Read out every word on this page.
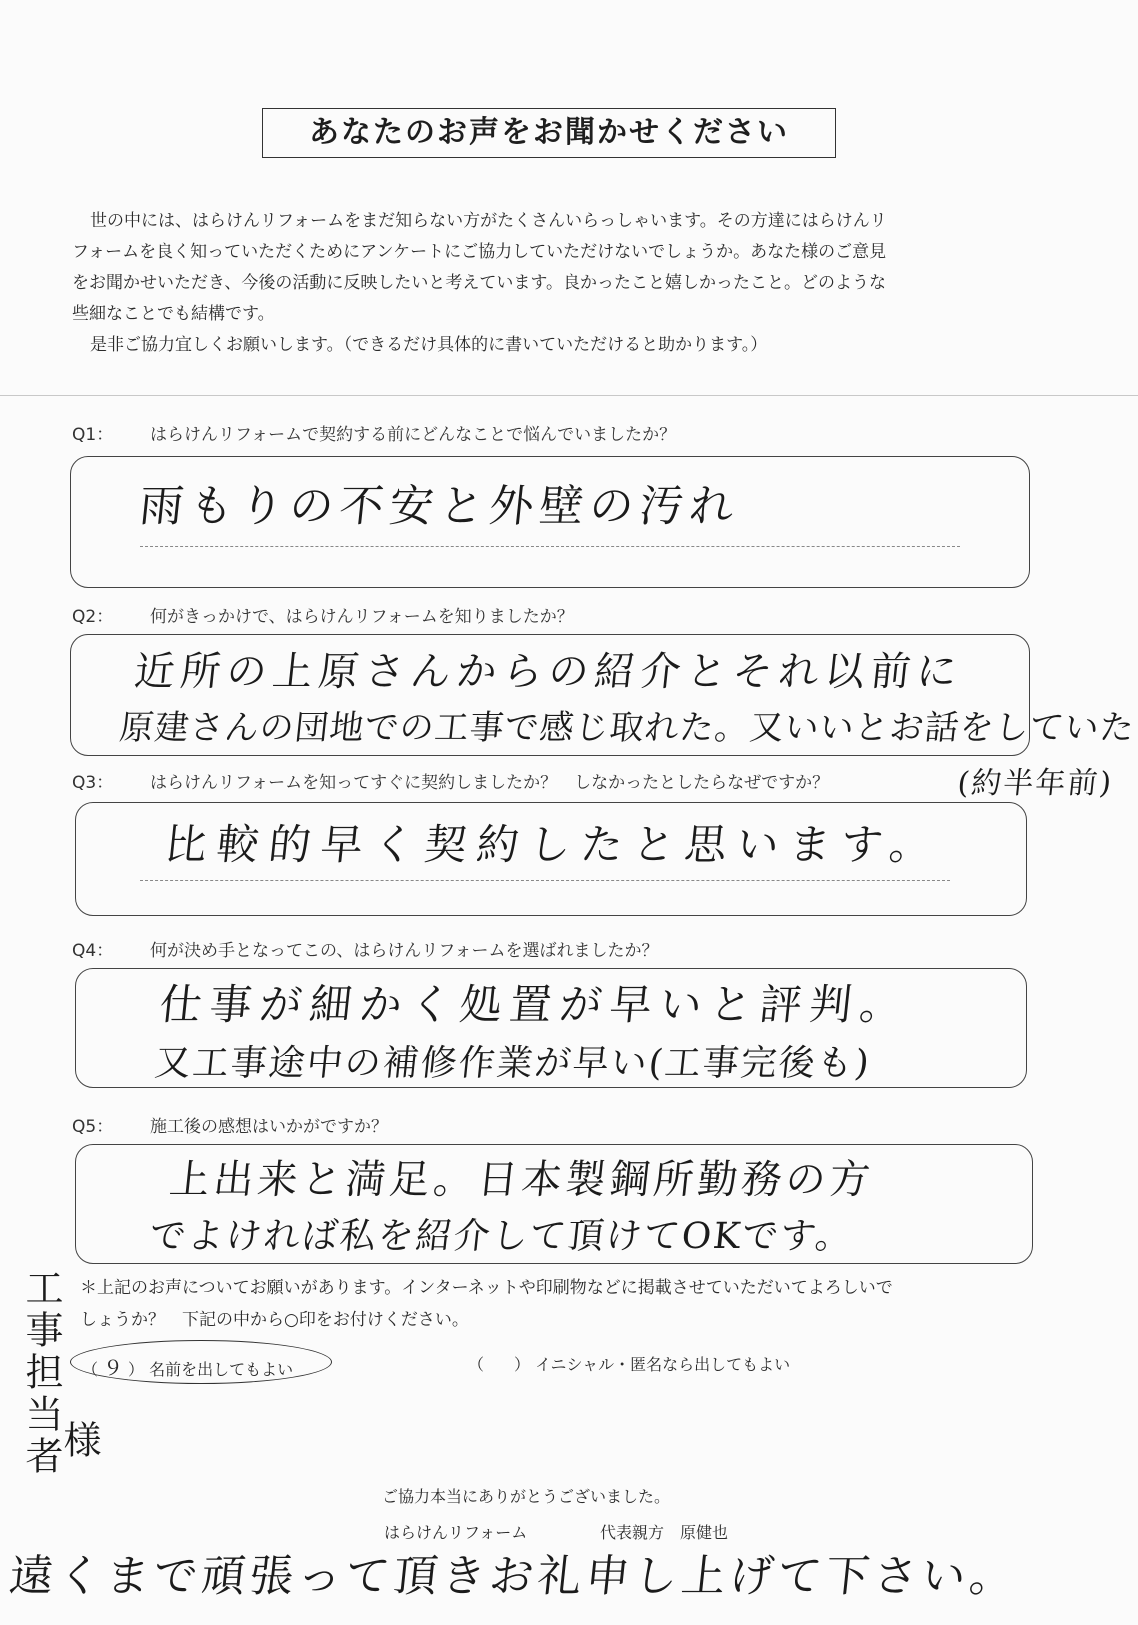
あなたのお声をお聞かせください

世の中には、はらけんリフォームをまだ知らない方がたくさんいらっしゃいます。その方達にはらけんリ

フォームを良く知っていただくためにアンケートにご協力していただけないでしょうか。あなた様のご意見

をお聞かせいただき、今後の活動に反映したいと考えています。良かったこと嬉しかったこと。どのような

些細なことでも結構です。

是非ご協力宜しくお願いします。（できるだけ具体的に書いていただけると助かります。）

Q1： はらけんリフォームで契約する前にどんなことで悩んでいましたか？
雨もりの不安と外壁の汚れ
Q2： 何がきっかけで、はらけんリフォームを知りましたか？
近所の上原さんからの紹介とそれ以前に
原建さんの団地での工事で感じ取れた。又いいとお話をしていた
(約半年前)
Q3： はらけんリフォームを知ってすぐに契約しましたか？　しなかったとしたらなぜですか？
比較的早く契約したと思います。
Q4： 何が決め手となってこの、はらけんリフォームを選ばれましたか？
仕事が細かく処置が早いと評判。
又工事途中の補修作業が早い(工事完後も)
Q5： 施工後の感想はいかがですか？
上出来と満足。日本製鋼所勤務の方
でよければ私を紹介して頂けてOKです。
＊上記のお声についてお願いがあります。インターネットや印刷物などに掲載させていただいてよろしいで
しょうか？　下記の中から○印をお付けください。
（ ９ ） 名前を出してもよい	（ ） イニシャル・匿名なら出してもよい
工事担当者
様
ご協力本当にありがとうございました。
はらけんリフォーム	代表親方　原健也
遠くまで頑張って頂きお礼申し上げて下さい。
